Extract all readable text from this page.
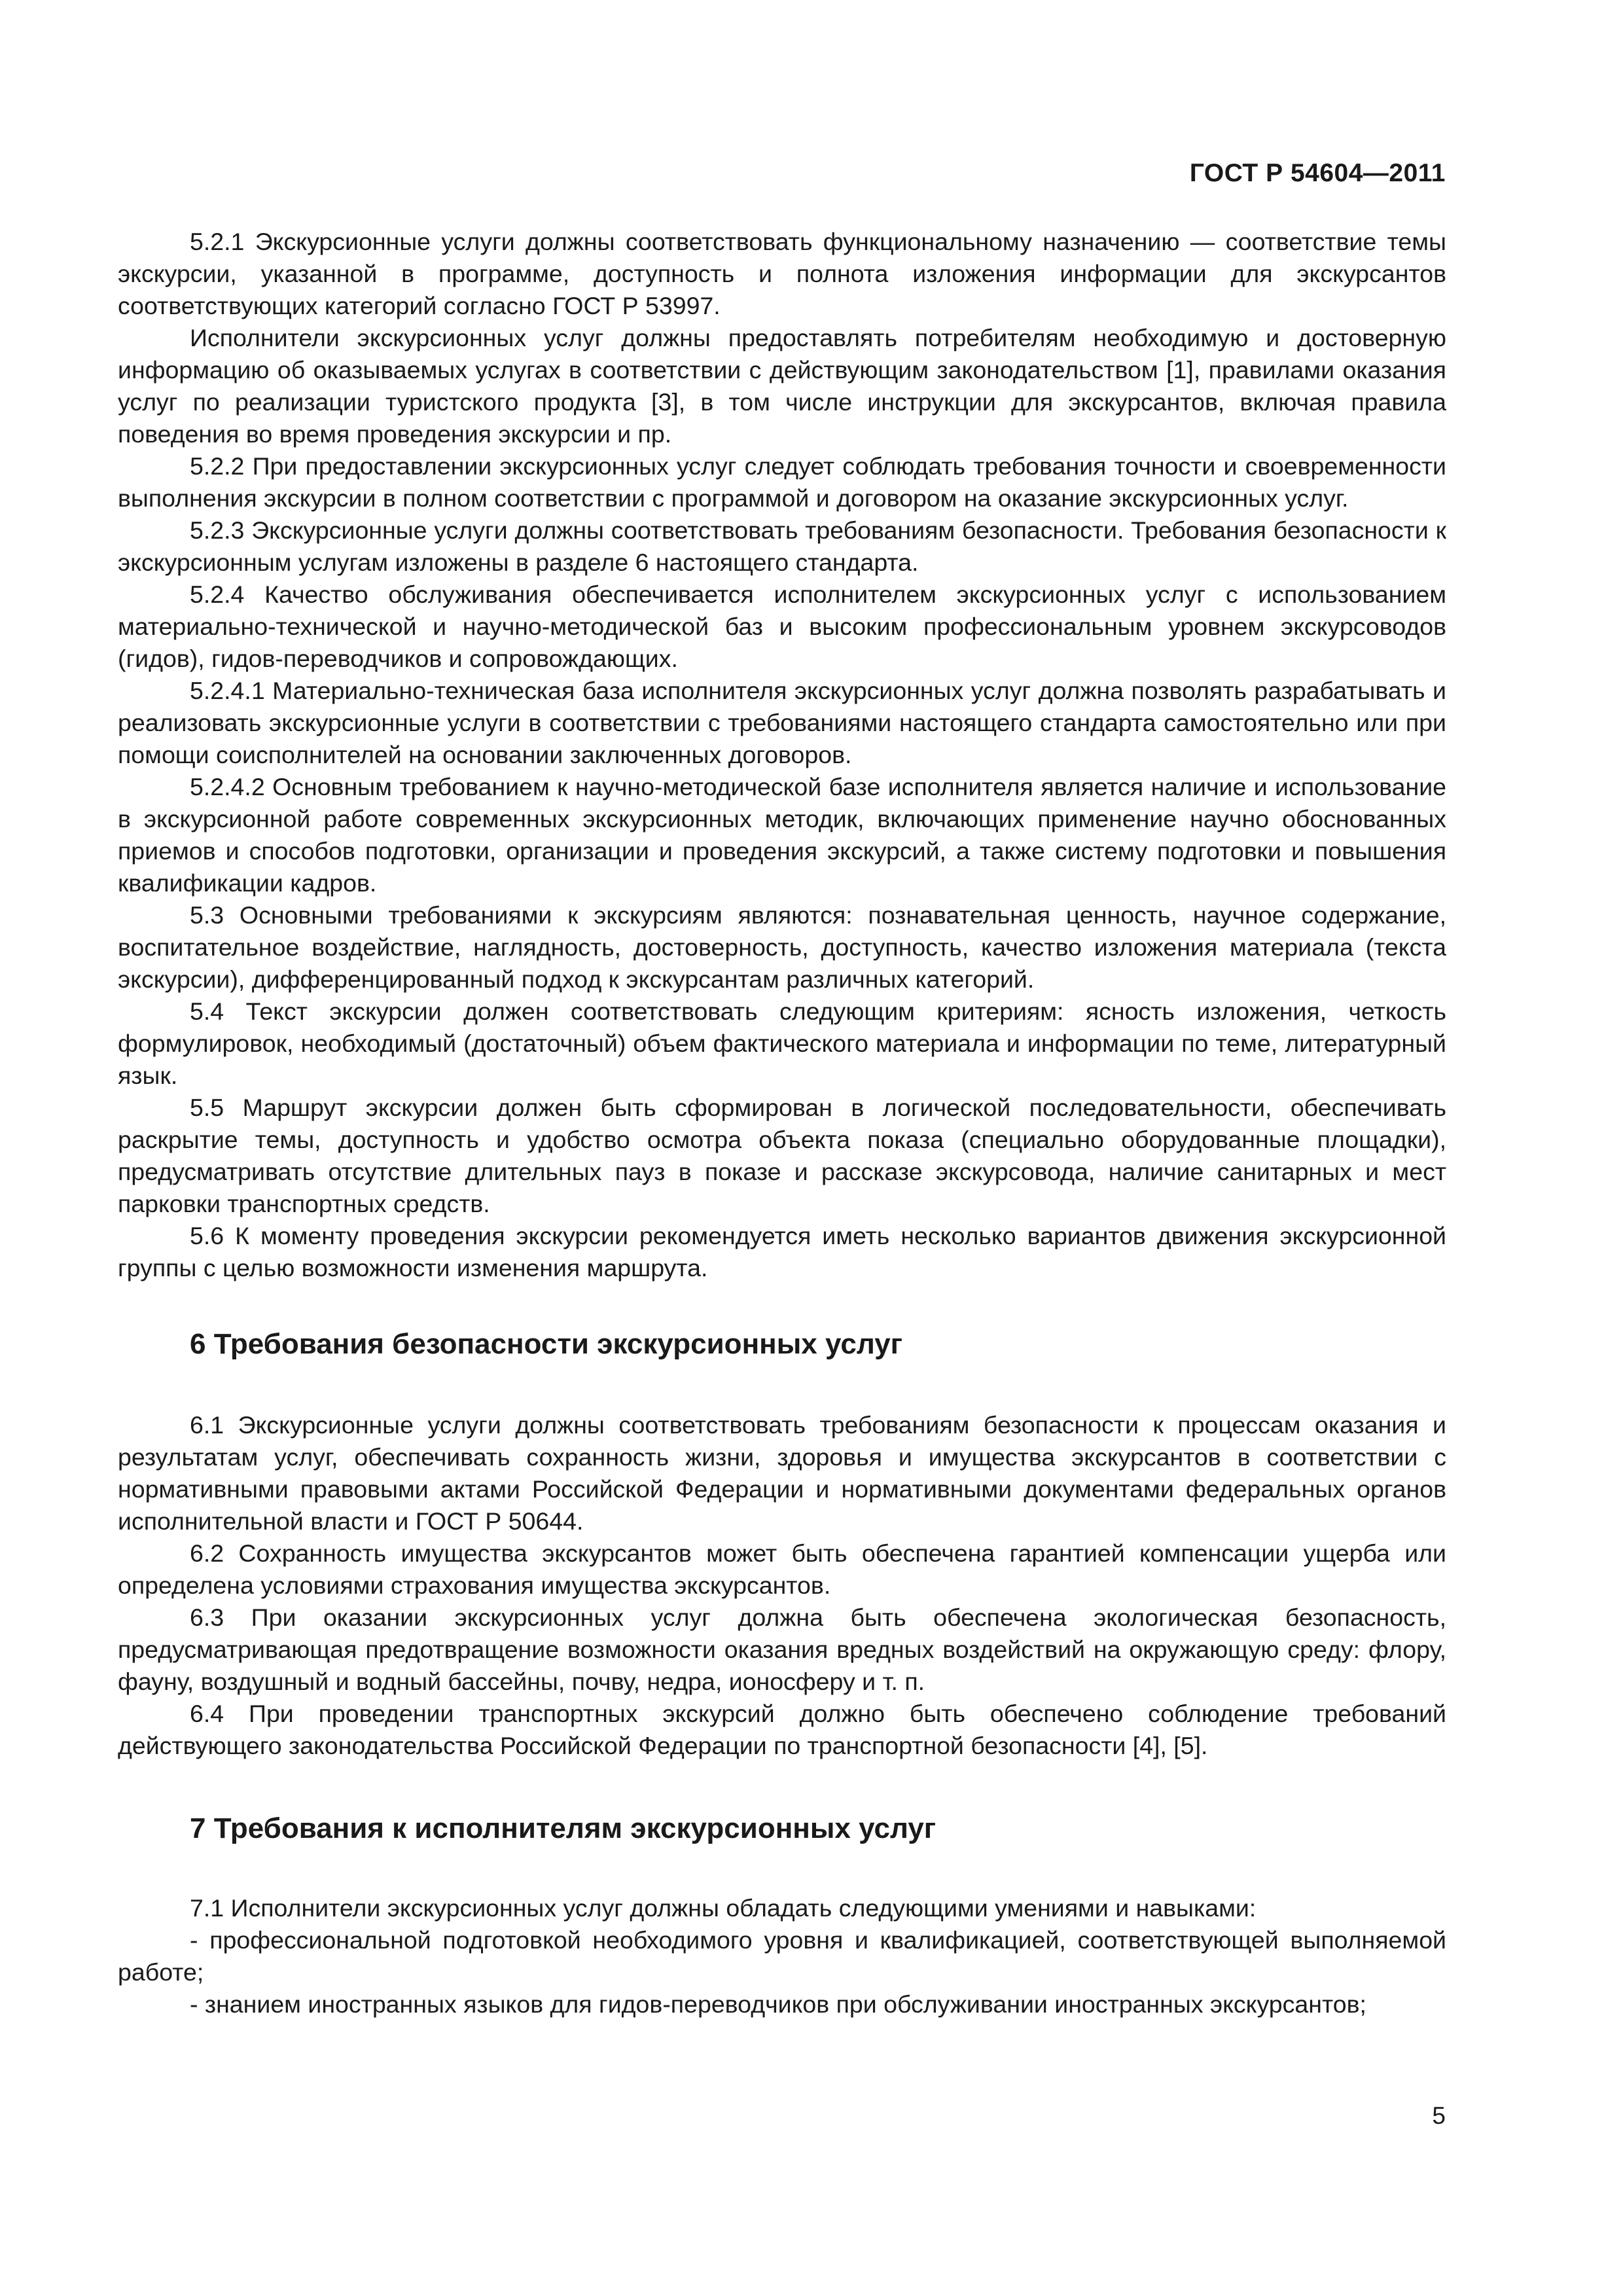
ГОСТ Р 54604—2011

5.2.1 Экскурсионные услуги должны соответствовать функциональному назначению — соответствие темы экскурсии, указанной в программе, доступность и полнота изложения информации для экскурсантов соответствующих категорий согласно ГОСТ Р 53997.

Исполнители экскурсионных услуг должны предоставлять потребителям необходимую и достоверную информацию об оказываемых услугах в соответствии с действующим законодательством [1], правилами оказания услуг по реализации туристского продукта [3], в том числе инструкции для экскурсантов, включая правила поведения во время проведения экскурсии и пр.

5.2.2 При предоставлении экскурсионных услуг следует соблюдать требования точности и своевременности выполнения экскурсии в полном соответствии с программой и договором на оказание экскурсионных услуг.

5.2.3 Экскурсионные услуги должны соответствовать требованиям безопасности. Требования безопасности к экскурсионным услугам изложены в разделе 6 настоящего стандарта.

5.2.4 Качество обслуживания обеспечивается исполнителем экскурсионных услуг с использованием материально-технической и научно-методической баз и высоким профессиональным уровнем экскурсоводов (гидов), гидов-переводчиков и сопровождающих.

5.2.4.1 Материально-техническая база исполнителя экскурсионных услуг должна позволять разрабатывать и реализовать экскурсионные услуги в соответствии с требованиями настоящего стандарта самостоятельно или при помощи соисполнителей на основании заключенных договоров.

5.2.4.2 Основным требованием к научно-методической базе исполнителя является наличие и использование в экскурсионной работе современных экскурсионных методик, включающих применение научно обоснованных приемов и способов подготовки, организации и проведения экскурсий, а также систему подготовки и повышения квалификации кадров.

5.3 Основными требованиями к экскурсиям являются: познавательная ценность, научное содержание, воспитательное воздействие, наглядность, достоверность, доступность, качество изложения материала (текста экскурсии), дифференцированный подход к экскурсантам различных категорий.

5.4 Текст экскурсии должен соответствовать следующим критериям: ясность изложения, четкость формулировок, необходимый (достаточный) объем фактического материала и информации по теме, литературный язык.

5.5 Маршрут экскурсии должен быть сформирован в логической последовательности, обеспечивать раскрытие темы, доступность и удобство осмотра объекта показа (специально оборудованные площадки), предусматривать отсутствие длительных пауз в показе и рассказе экскурсовода, наличие санитарных и мест парковки транспортных средств.

5.6 К моменту проведения экскурсии рекомендуется иметь несколько вариантов движения экскурсионной группы с целью возможности изменения маршрута.

6 Требования безопасности экскурсионных услуг

6.1 Экскурсионные услуги должны соответствовать требованиям безопасности к процессам оказания и результатам услуг, обеспечивать сохранность жизни, здоровья и имущества экскурсантов в соответствии с нормативными правовыми актами Российской Федерации и нормативными документами федеральных органов исполнительной власти и ГОСТ Р 50644.

6.2 Сохранность имущества экскурсантов может быть обеспечена гарантией компенсации ущерба или определена условиями страхования имущества экскурсантов.

6.3 При оказании экскурсионных услуг должна быть обеспечена экологическая безопасность, предусматривающая предотвращение возможности оказания вредных воздействий на окружающую среду: флору, фауну, воздушный и водный бассейны, почву, недра, ионосферу и т. п.

6.4 При проведении транспортных экскурсий должно быть обеспечено соблюдение требований действующего законодательства Российской Федерации по транспортной безопасности [4], [5].

7 Требования к исполнителям экскурсионных услуг

7.1 Исполнители экскурсионных услуг должны обладать следующими умениями и навыками:

- профессиональной подготовкой необходимого уровня и квалификацией, соответствующей выполняемой работе;

- знанием иностранных языков для гидов-переводчиков при обслуживании иностранных экскурсантов;

5
